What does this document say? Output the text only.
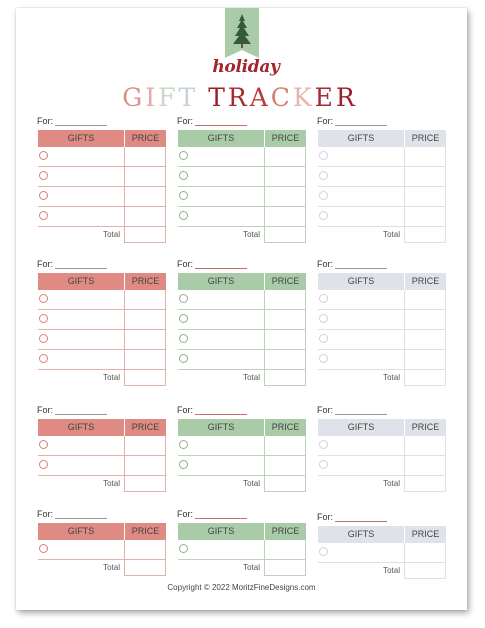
holiday
GIFT TRACKER
For:
GIFTS	PRICE
Total
For:
GIFTS	PRICE
Total
For:
GIFTS	PRICE
Total
For:
GIFTS	PRICE
Total
For:
GIFTS	PRICE
Total
For:
GIFTS	PRICE
Total
For:
GIFTS	PRICE
Total
For:
GIFTS	PRICE
Total
For:
GIFTS	PRICE
Total
For:
GIFTS	PRICE
Total
For:
GIFTS	PRICE
Total
For:
GIFTS	PRICE
Total
Copyright © 2022 MoritzFineDesigns.com
